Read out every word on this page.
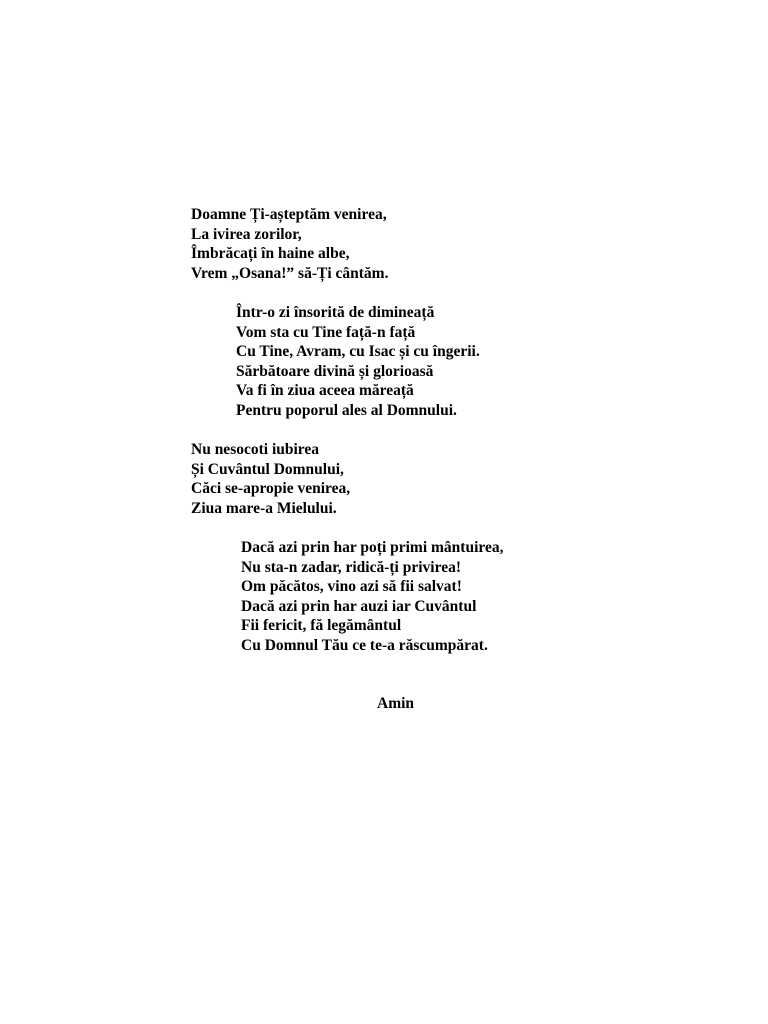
Doamne Ți-așteptăm venirea,
La ivirea zorilor,
Îmbrăcați în haine albe,
Vrem „Osana!” să-Ți cântăm.
Într-o zi însorită de dimineață
Vom sta cu Tine față-n față
Cu Tine, Avram, cu Isac și cu îngerii.
Sărbătoare divină și glorioasă
Va fi în ziua aceea măreață
Pentru poporul ales al Domnului.
Nu nesocoti iubirea
Și Cuvântul Domnului,
Căci se-apropie venirea,
Ziua mare-a Mielului.
Dacă azi prin har poți primi mântuirea,
Nu sta-n zadar, ridică-ți privirea!
Om păcătos, vino azi să fii salvat!
Dacă azi prin har auzi iar Cuvântul
Fii fericit, fă legământul
Cu Domnul Tău ce te-a răscumpărat.
Amin
